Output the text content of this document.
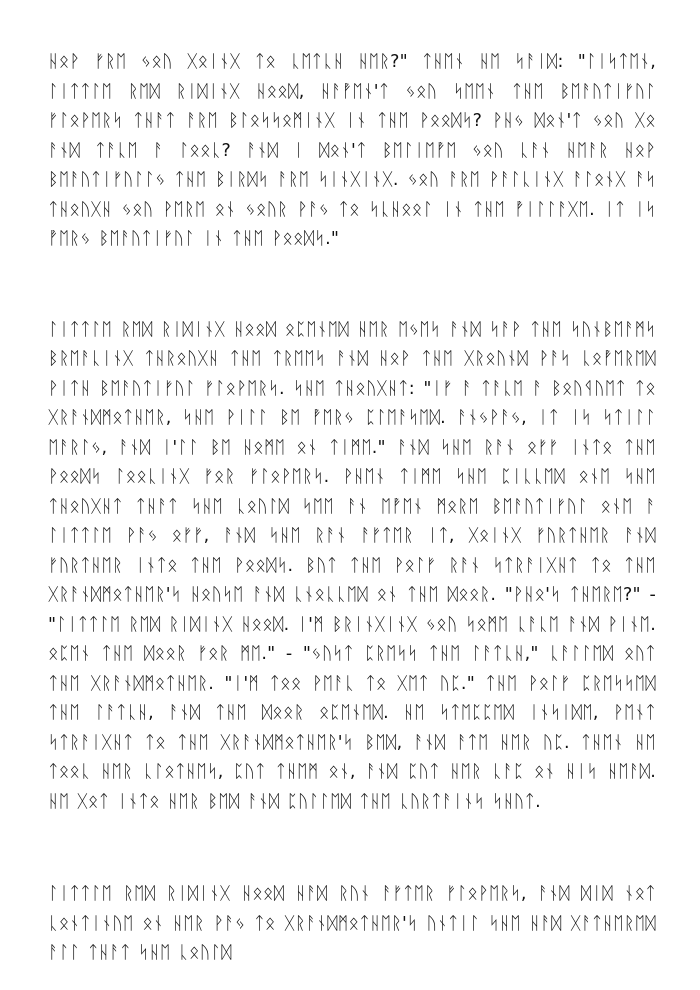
ᚺᛟᚹ ᚠᚱᛖ ᛃᛟᚢ ᚷᛟᛁᚾᚷ ᛏᛟ ᚳᛖᛏᚳᚺ ᚺᛖᚱ?" ᛏᚺᛖᚾ ᚺᛖ ᛋᚨᛁᛞ: "ᛚᛁᛋᛏᛖᚾ, ᛚᛁᛏᛏᛚᛖ ᚱᛖᛞ ᚱᛁᛞᛁᚾᚷ ᚺᛟᛟᛞ, ᚺᚨᚡᛖᚾ'ᛏ ᛃᛟᚢ ᛋᛖᛖᚾ ᛏᚺᛖ ᛒᛖᚨᚢᛏᛁᚠᚢᛚ ᚠᛚᛟᚹᛖᚱᛋ ᛏᚺᚨᛏ ᚨᚱᛖ ᛒᛚᛟᛋᛋᛟᛗᛁᚾᚷ ᛁᚾ ᛏᚺᛖ ᚹᛟᛟᛞᛋ? ᚹᚺᛃ ᛞᛟᚾ'ᛏ ᛃᛟᚢ ᚷᛟ ᚨᚾᛞ ᛏᚨᚳᛖ ᚨ ᛚᛟᛟᚳ? ᚨᚾᛞ ᛁ ᛞᛟᚾ'ᛏ ᛒᛖᛚᛁᛖᚡᛖ ᛃᛟᚢ ᚳᚨᚾ ᚺᛖᚨᚱ ᚺᛟᚹ ᛒᛖᚨᚢᛏᛁᚠᚢᛚᛚᛃ ᛏᚺᛖ ᛒᛁᚱᛞᛋ ᚨᚱᛖ ᛋᛁᚾᚷᛁᚾᚷ. ᛃᛟᚢ ᚨᚱᛖ ᚹᚨᛚᚳᛁᚾᚷ ᚨᛚᛟᚾᚷ ᚨᛋ ᛏᚺᛟᚢᚷᚺ ᛃᛟᚢ ᚹᛖᚱᛖ ᛟᚾ ᛃᛟᚢᚱ ᚹᚨᛃ ᛏᛟ ᛋᚳᚺᛟᛟᛚ ᛁᚾ ᛏᚺᛖ ᚡᛁᛚᛚᚨᚷᛖ. ᛁᛏ ᛁᛋ ᚡᛖᚱᛃ ᛒᛖᚨᚢᛏᛁᚠᚢᛚ ᛁᚾ ᛏᚺᛖ ᚹᛟᛟᛞᛋ."

ᛚᛁᛏᛏᛚᛖ ᚱᛖᛞ ᚱᛁᛞᛁᚾᚷ ᚺᛟᛟᛞ ᛟᛈᛖᚾᛖᛞ ᚺᛖᚱ ᛖᛃᛖᛋ ᚨᚾᛞ ᛋᚨᚹ ᛏᚺᛖ ᛋᚢᚾᛒᛖᚨᛗᛋ ᛒᚱᛖᚨᚳᛁᚾᚷ ᛏᚺᚱᛟᚢᚷᚺ ᛏᚺᛖ ᛏᚱᛖᛖᛋ ᚨᚾᛞ ᚺᛟᚹ ᛏᚺᛖ ᚷᚱᛟᚢᚾᛞ ᚹᚨᛋ ᚳᛟᚡᛖᚱᛖᛞ ᚹᛁᛏᚺ ᛒᛖᚨᚢᛏᛁᚠᚢᛚ ᚠᛚᛟᚹᛖᚱᛋ. ᛋᚺᛖ ᛏᚺᛟᚢᚷᚺᛏ: "ᛁᚠ ᚨ ᛏᚨᚳᛖ ᚨ ᛒᛟᚢᛩᚢᛖᛏ ᛏᛟ ᚷᚱᚨᚾᛞᛗᛟᛏᚺᛖᚱ, ᛋᚺᛖ ᚹᛁᛚᛚ ᛒᛖ ᚡᛖᚱᛃ ᛈᛚᛖᚨᛋᛖᛞ. ᚨᚾᛃᚹᚨᛃ, ᛁᛏ ᛁᛋ ᛋᛏᛁᛚᛚ ᛖᚨᚱᛚᛃ, ᚨᚾᛞ ᛁ'ᛚᛚ ᛒᛖ ᚺᛟᛗᛖ ᛟᚾ ᛏᛁᛗᛖ." ᚨᚾᛞ ᛋᚺᛖ ᚱᚨᚾ ᛟᚠᚠ ᛁᚾᛏᛟ ᛏᚺᛖ ᚹᛟᛟᛞᛋ ᛚᛟᛟᚳᛁᚾᚷ ᚠᛟᚱ ᚠᛚᛟᚹᛖᚱᛋ. ᚹᚺᛖᚾ ᛏᛁᛗᛖ ᛋᚺᛖ ᛈᛁᚳᚳᛖᛞ ᛟᚾᛖ ᛋᚺᛖ ᛏᚺᛟᚢᚷᚺᛏ ᛏᚺᚨᛏ ᛋᚺᛖ ᚳᛟᚢᛚᛞ ᛋᛖᛖ ᚨᚾ ᛖᚡᛖᚾ ᛗᛟᚱᛖ ᛒᛖᚨᚢᛏᛁᚠᚢᛚ ᛟᚾᛖ ᚨ ᛚᛁᛏᛏᛚᛖ ᚹᚨᛃ ᛟᚠᚠ, ᚨᚾᛞ ᛋᚺᛖ ᚱᚨᚾ ᚨᚠᛏᛖᚱ ᛁᛏ, ᚷᛟᛁᚾᚷ ᚠᚢᚱᛏᚺᛖᚱ ᚨᚾᛞ ᚠᚢᚱᛏᚺᛖᚱ ᛁᚾᛏᛟ ᛏᚺᛖ ᚹᛟᛟᛞᛋ. ᛒᚢᛏ ᛏᚺᛖ ᚹᛟᛚᚠ ᚱᚨᚾ ᛋᛏᚱᚨᛁᚷᚺᛏ ᛏᛟ ᛏᚺᛖ ᚷᚱᚨᚾᛞᛗᛟᛏᚺᛖᚱ'ᛋ ᚺᛟᚢᛋᛖ ᚨᚾᛞ ᚳᚾᛟᚳᚳᛖᛞ ᛟᚾ ᛏᚺᛖ ᛞᛟᛟᚱ. "ᚹᚺᛟ'ᛋ ᛏᚺᛖᚱᛖ?" - "ᛚᛁᛏᛏᛚᛖ ᚱᛖᛞ ᚱᛁᛞᛁᚾᚷ ᚺᛟᛟᛞ. ᛁ'ᛗ ᛒᚱᛁᚾᚷᛁᚾᚷ ᛃᛟᚢ ᛋᛟᛗᛖ ᚳᚨᚳᛖ ᚨᚾᛞ ᚹᛁᚾᛖ. ᛟᛈᛖᚾ ᛏᚺᛖ ᛞᛟᛟᚱ ᚠᛟᚱ ᛗᛖ." - "ᛃᚢᛋᛏ ᛈᚱᛖᛋᛋ ᛏᚺᛖ ᛚᚨᛏᚳᚺ," ᚳᚨᛚᛚᛖᛞ ᛟᚢᛏ ᛏᚺᛖ ᚷᚱᚨᚾᛞᛗᛟᛏᚺᛖᚱ. "ᛁ'ᛗ ᛏᛟᛟ ᚹᛖᚨᚳ ᛏᛟ ᚷᛖᛏ ᚢᛈ." ᛏᚺᛖ ᚹᛟᛚᚠ ᛈᚱᛖᛋᛋᛖᛞ ᛏᚺᛖ ᛚᚨᛏᚳᚺ, ᚨᚾᛞ ᛏᚺᛖ ᛞᛟᛟᚱ ᛟᛈᛖᚾᛖᛞ. ᚺᛖ ᛋᛏᛖᛈᛈᛖᛞ ᛁᚾᛋᛁᛞᛖ, ᚹᛖᚾᛏ ᛋᛏᚱᚨᛁᚷᚺᛏ ᛏᛟ ᛏᚺᛖ ᚷᚱᚨᚾᛞᛗᛟᛏᚺᛖᚱ'ᛋ ᛒᛖᛞ, ᚨᚾᛞ ᚨᛏᛖ ᚺᛖᚱ ᚢᛈ. ᛏᚺᛖᚾ ᚺᛖ ᛏᛟᛟᚳ ᚺᛖᚱ ᚳᛚᛟᛏᚺᛖᛋ, ᛈᚢᛏ ᛏᚺᛖᛗ ᛟᚾ, ᚨᚾᛞ ᛈᚢᛏ ᚺᛖᚱ ᚳᚨᛈ ᛟᚾ ᚺᛁᛋ ᚺᛖᚨᛞ. ᚺᛖ ᚷᛟᛏ ᛁᚾᛏᛟ ᚺᛖᚱ ᛒᛖᛞ ᚨᚾᛞ ᛈᚢᛚᛚᛖᛞ ᛏᚺᛖ ᚳᚢᚱᛏᚨᛁᚾᛋ ᛋᚺᚢᛏ.

ᛚᛁᛏᛏᛚᛖ ᚱᛖᛞ ᚱᛁᛞᛁᚾᚷ ᚺᛟᛟᛞ ᚺᚨᛞ ᚱᚢᚾ ᚨᚠᛏᛖᚱ ᚠᛚᛟᚹᛖᚱᛋ, ᚨᚾᛞ ᛞᛁᛞ ᚾᛟᛏ ᚳᛟᚾᛏᛁᚾᚢᛖ ᛟᚾ ᚺᛖᚱ ᚹᚨᛃ ᛏᛟ ᚷᚱᚨᚾᛞᛗᛟᛏᚺᛖᚱ'ᛋ ᚢᚾᛏᛁᛚ ᛋᚺᛖ ᚺᚨᛞ ᚷᚨᛏᚺᛖᚱᛖᛞ ᚨᛚᛚ ᛏᚺᚨᛏ ᛋᚺᛖ ᚳᛟᚢᛚᛞ
